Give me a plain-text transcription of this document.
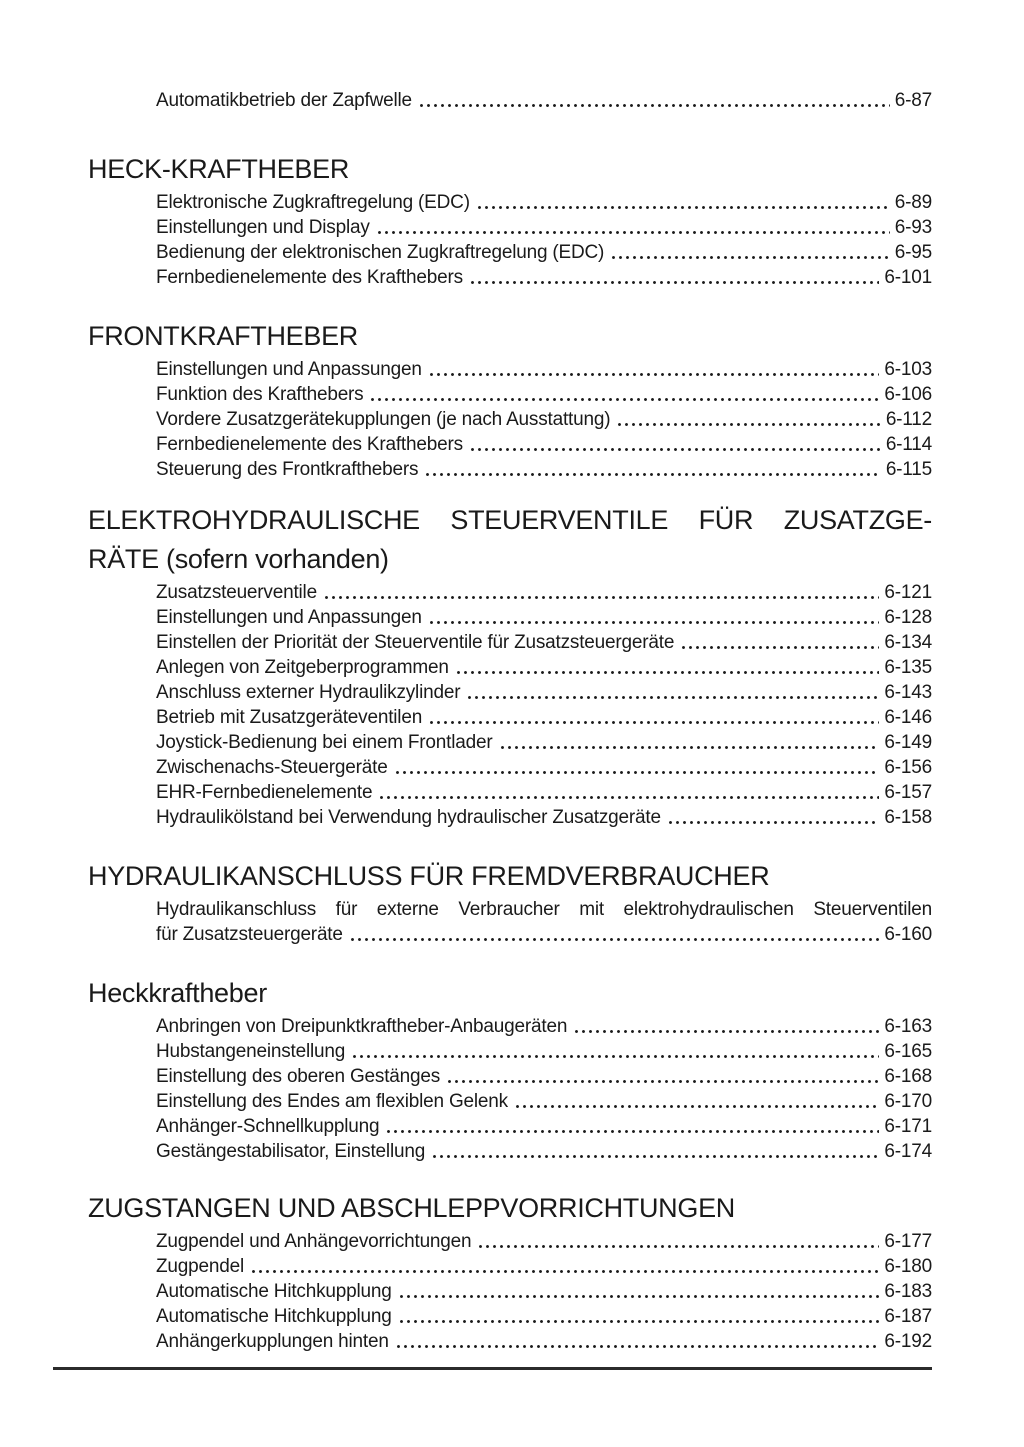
Automatikbetrieb der Zapfwelle	6-87
HECK-KRAFTHEBER
Elektronische Zugkraftregelung (EDC)	6-89
Einstellungen und Display	6-93
Bedienung der elektronischen Zugkraftregelung (EDC)	6-95
Fernbedienelemente des Krafthebers	6-101
FRONTKRAFTHEBER
Einstellungen und Anpassungen	6-103
Funktion des Krafthebers	6-106
Vordere Zusatzgerätekupplungen (je nach Ausstattung)	6-112
Fernbedienelemente des Krafthebers	6-114
Steuerung des Frontkrafthebers	6-115
ELEKTROHYDRAULISCHE STEUERVENTILE FÜR ZUSATZGE-
RÄTE (sofern vorhanden)
Zusatzsteuerventile	6-121
Einstellungen und Anpassungen	6-128
Einstellen der Priorität der Steuerventile für Zusatzsteuergeräte	6-134
Anlegen von Zeitgeberprogrammen	6-135
Anschluss externer Hydraulikzylinder	6-143
Betrieb mit Zusatzgeräteventilen	6-146
Joystick-Bedienung bei einem Frontlader	6-149
Zwischenachs-Steuergeräte	6-156
EHR-Fernbedienelemente	6-157
Hydraulikölstand bei Verwendung hydraulischer Zusatzgeräte	6-158
HYDRAULIKANSCHLUSS FÜR FREMDVERBRAUCHER
Hydraulikanschluss für externe Verbraucher mit elektrohydraulischen Steuerventilen
für Zusatzsteuergeräte	6-160
Heckkraftheber
Anbringen von Dreipunktkraftheber-Anbaugeräten	6-163
Hubstangeneinstellung	6-165
Einstellung des oberen Gestänges	6-168
Einstellung des Endes am flexiblen Gelenk	6-170
Anhänger-Schnellkupplung	6-171
Gestängestabilisator, Einstellung	6-174
ZUGSTANGEN UND ABSCHLEPPVORRICHTUNGEN
Zugpendel und Anhängevorrichtungen	6-177
Zugpendel	6-180
Automatische Hitchkupplung	6-183
Automatische Hitchkupplung	6-187
Anhängerkupplungen hinten	6-192
